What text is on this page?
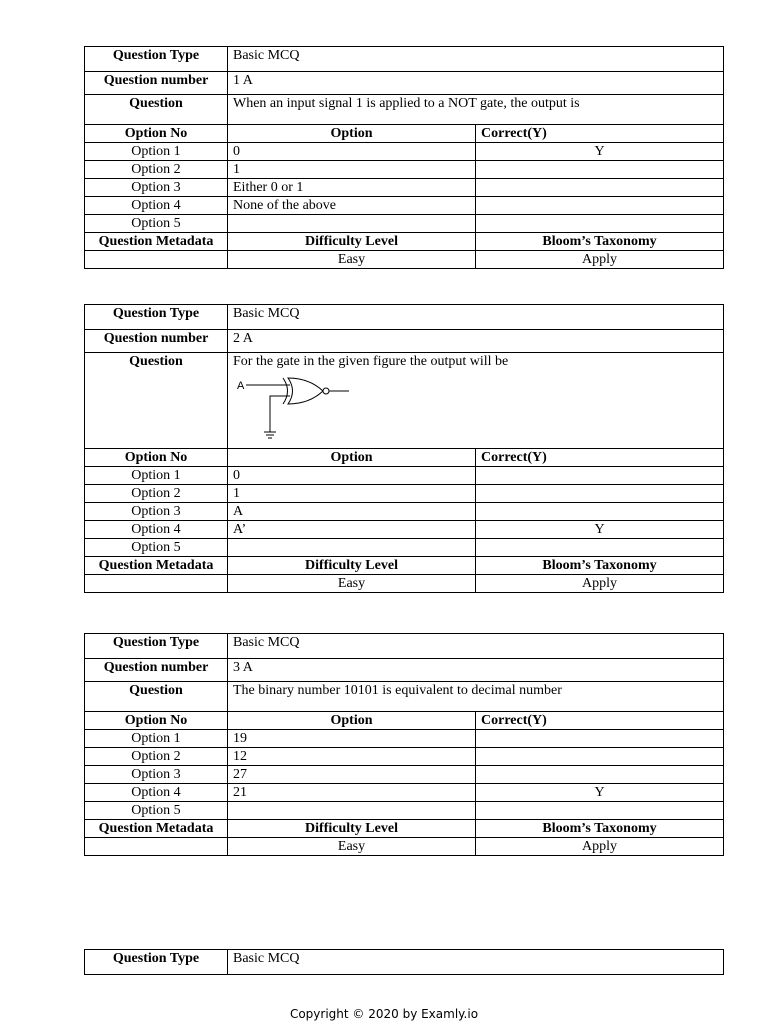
Question Type	Basic MCQ	
Question number	1 A	
Question	When an input signal 1 is applied to a NOT gate, the output is	
Option No	Option	Correct(Y)
Option 1	0	Y
Option 2	1	
Option 3	Either 0 or 1	
Option 4	None of the above	
Option 5		
Question Metadata	Difficulty Level	Bloom’s Taxonomy
	Easy	Apply
Question Type	Basic MCQ	
Question number	2 A	
Question	For the gate in the given figure the output will be
A	

Option No	Option	Correct(Y)
Option 1	0	
Option 2	1	
Option 3	A	
Option 4	A’	Y
Option 5		
Question Metadata	Difficulty Level	Bloom’s Taxonomy
	Easy	Apply
Question Type	Basic MCQ	
Question number	3 A	
Question	The binary number 10101 is equivalent to decimal number	
Option No	Option	Correct(Y)
Option 1	19	
Option 2	12	
Option 3	27	
Option 4	21	Y
Option 5		
Question Metadata	Difficulty Level	Bloom’s Taxonomy
	Easy	Apply
Question Type	Basic MCQ
Copyright © 2020 by Examly.io
